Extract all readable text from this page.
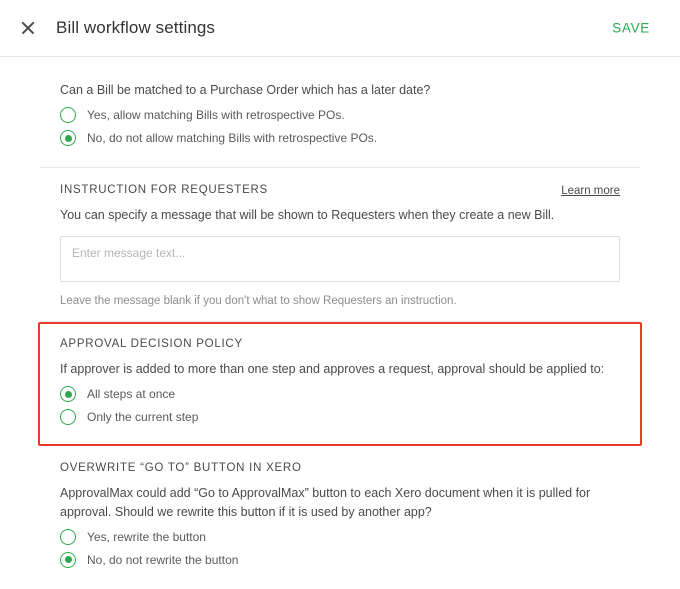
Bill workflow settings	SAVE

Can a Bill be matched to a Purchase Order which has a later date?

Yes, allow matching Bills with retrospective POs.
No, do not allow matching Bills with retrospective POs.
INSTRUCTION FOR REQUESTERS	Learn more

You can specify a message that will be shown to Requesters when they create a new Bill.

Enter message text...

Leave the message blank if you don't what to show Requesters an instruction.

APPROVAL DECISION POLICY

If approver is added to more than one step and approves a request, approval should be applied to:

All steps at once
Only the current step
OVERWRITE “GO TO” BUTTON IN XERO

ApprovalMax could add “Go to ApprovalMax” button to each Xero document when it is pulled for approval. Should we rewrite this button if it is used by another app?

Yes, rewrite the button
No, do not rewrite the button
